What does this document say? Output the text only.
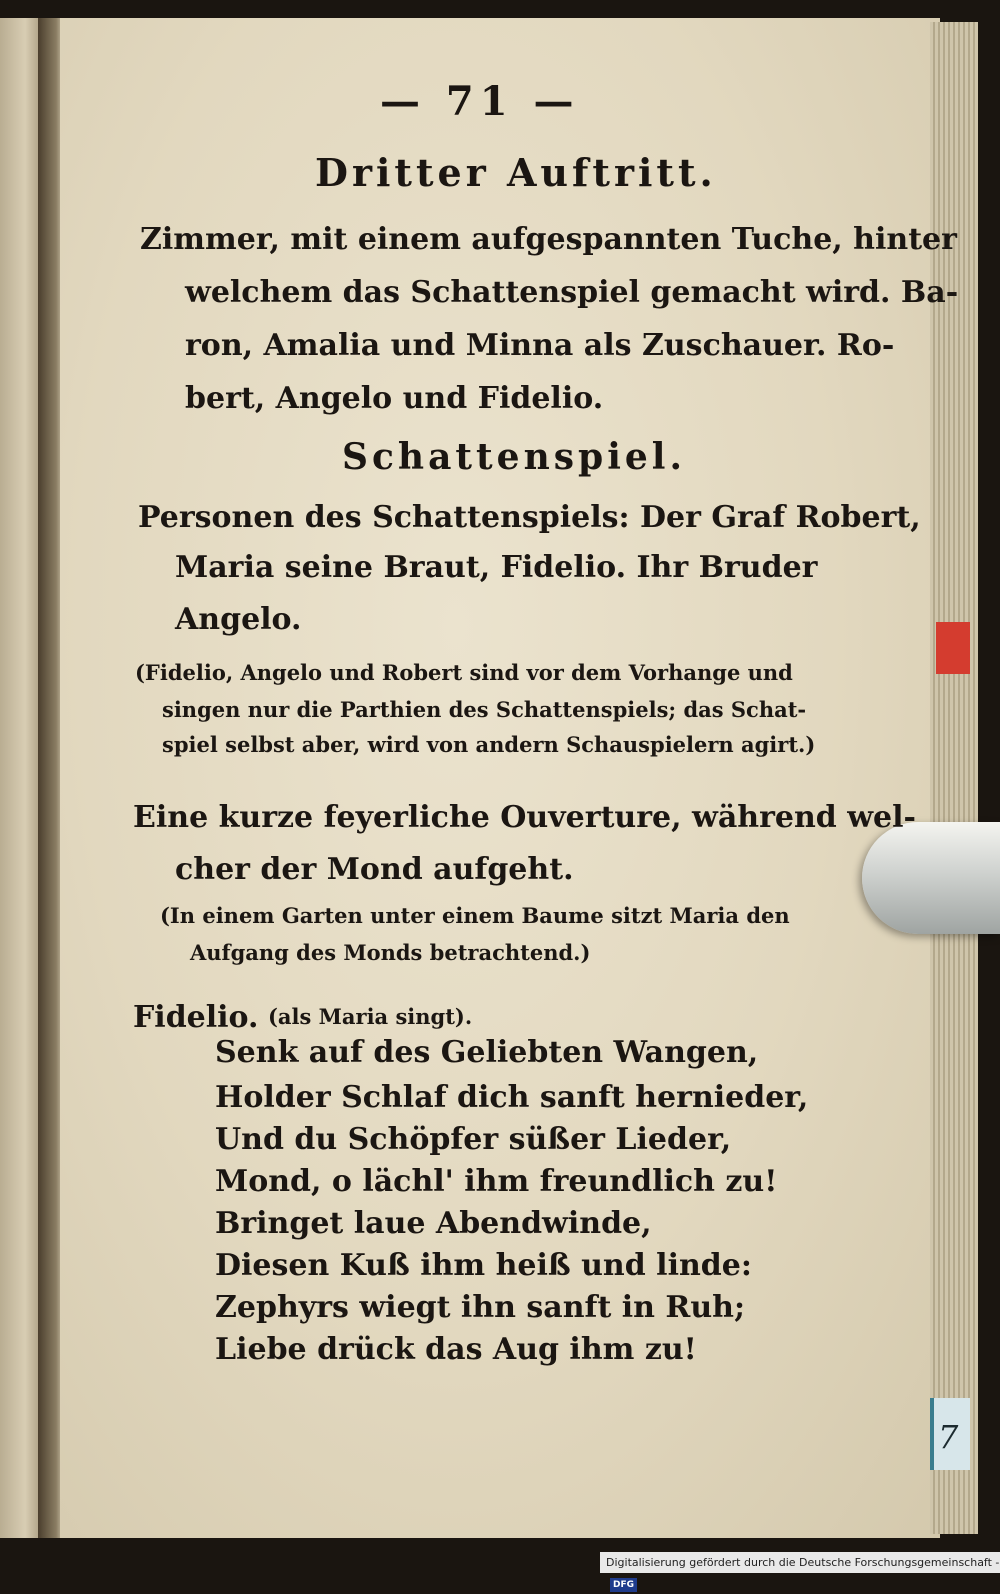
7
— 71 —
Dritter Auftritt.
Zimmer, mit einem aufgespannten Tuche, hinter
welchem das Schattenspiel gemacht wird. Ba-
ron, Amalia und Minna als Zuschauer. Ro-
bert, Angelo und Fidelio.
Schattenspiel.
Personen des Schattenspiels: Der Graf Robert,
Maria seine Braut, Fidelio. Ihr Bruder
Angelo.
(Fidelio, Angelo und Robert sind vor dem Vorhange und
singen nur die Parthien des Schattenspiels; das Schat-
spiel selbst aber, wird von andern Schauspielern agirt.)
Eine kurze feyerliche Ouverture, während wel-
cher der Mond aufgeht.
(In einem Garten unter einem Baume sitzt Maria den
Aufgang des Monds betrachtend.)
Fidelio. (als Maria singt).
Senk auf des Geliebten Wangen,
Holder Schlaf dich sanft hernieder,
Und du Schöpfer süßer Lieder,
Mond, o lächl' ihm freundlich zu!
Bringet laue Abendwinde,
Diesen Kuß ihm heiß und linde:
Zephyrs wiegt ihn sanft in Ruh;
Liebe drück das Aug ihm zu!
Digitalisierung gefördert durch die Deutsche Forschungsgemeinschaft -DFG
